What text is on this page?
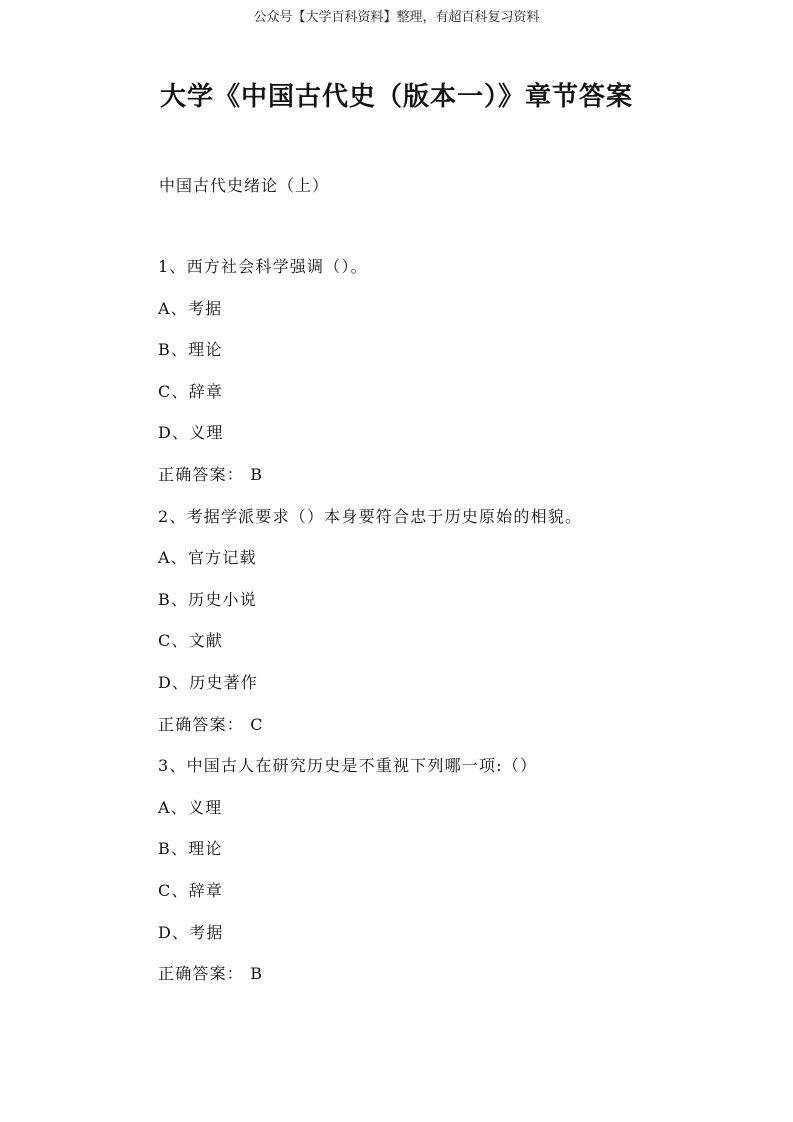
公众号【大学百科资料】整理，有超百科复习资料
大学《中国古代史（版本一）》章节答案
中国古代史绪论（上）
1、西方社会科学强调（）。
A、考据
B、理论
C、辞章
D、义理
正确答案： B
2、考据学派要求（）本身要符合忠于历史原始的相貌。
A、官方记载
B、历史小说
C、文献
D、历史著作
正确答案： C
3、中国古人在研究历史是不重视下列哪一项:（）
A、义理
B、理论
C、辞章
D、考据
正确答案： B
